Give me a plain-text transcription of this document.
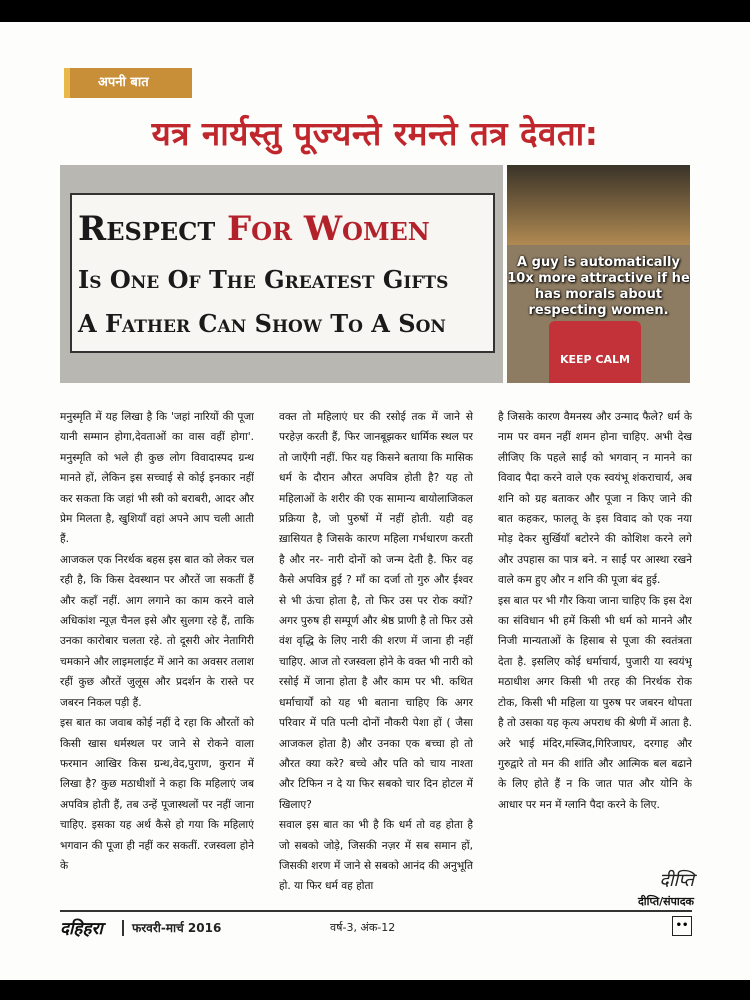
अपनी बात
यत्र नार्यस्तु पूज्यन्ते रमन्ते तत्र देवता:
Respect For Women
Is One Of The Greatest Gifts
A Father Can Show To A Son
A guy is automatically 10x more attractive if he has morals about respecting women.
KEEP CALM

मनुस्मृति में यह लिखा है कि 'जहां नारियों की पूजा यानी सम्मान होगा,देवताओं का वास वहीं होगा'. मनुस्मृति को भले ही कुछ लोग विवादास्पद ग्रन्थ मानते हों, लेकिन इस सच्चाई से कोई इनकार नहीं कर सकता कि जहां भी स्त्री को बराबरी, आदर और प्रेम मिलता है, खुशियाँ वहां अपने आप चली आती हैं.

आजकल एक निरर्थक बहस इस बात को लेकर चल रही है, कि किस देवस्थान पर औरतें जा सकतीं हैं और कहाँ नहीं. आग लगाने का काम करने वाले अधिकांश न्यूज़ चैनल इसे और सुलगा रहे हैं, ताकि उनका कारोबार चलता रहे. तो दूसरी ओर नेतागिरी चमकाने और लाइमलाईट में आने का अवसर तलाश रहीं कुछ औरतें जुलूस और प्रदर्शन के रास्ते पर जबरन निकल पड़ी हैं.

इस बात का जवाब कोई नहीं दे रहा कि औरतों को किसी खास धर्मस्थल पर जाने से रोकने वाला फरमान आखिर किस ग्रन्थ,वेद,पुराण, कुरान में लिखा है? कुछ मठाधीशों ने कहा कि महिलाएं जब अपवित्र होती हैं, तब उन्हें पूजास्थलों पर नहीं जाना चाहिए. इसका यह अर्थ कैसे हो गया कि महिलाएं भगवान की पूजा ही नहीं कर सकतीं. रजस्वला होने के

वक्त तो महिलाएं घर की रसोई तक में जाने से परहेज़ करती हैं, फिर जानबूझकर धार्मिक स्थल पर तो जाएँगी नहीं. फिर यह किसने बताया कि मासिक धर्म के दौरान औरत अपवित्र होती है? यह तो महिलाओं के शरीर की एक सामान्य बायोलाजिकल प्रक्रिया है, जो पुरुषों में नहीं होती. यही वह ख़ासियत है जिसके कारण महिला गर्भधारण करती है और नर- नारी दोनों को जन्म देती है. फिर वह कैसे अपवित्र हुई ? माँ का दर्जा तो गुरु और ईश्वर से भी ऊंचा होता है, तो फिर उस पर रोक क्यों? अगर पुरुष ही सम्पूर्ण और श्रेष्ठ प्राणी है तो फिर उसे वंश वृद्धि के लिए नारी की शरण में जाना ही नहीं चाहिए. आज तो रजस्वला होने के वक्त भी नारी को रसोई में जाना होता है और काम पर भी. कथित धर्माचार्यों को यह भी बताना चाहिए कि अगर परिवार में पति पत्नी दोनों नौकरी पेशा हों ( जैसा आजकल होता है) और उनका एक बच्चा हो तो औरत क्या करे? बच्चे और पति को चाय नाश्ता और टिफिन न दे या फिर सबको चार दिन होटल में खिलाए?

सवाल इस बात का भी है कि धर्म तो वह होता है जो सबको जोड़े, जिसकी नज़र में सब समान हों, जिसकी शरण में जाने से सबको आनंद की अनुभूति हो. या फिर धर्म वह होता

है जिसके कारण वैमनस्य और उन्माद फैले? धर्म के नाम पर वमन नहीं शमन होना चाहिए. अभी देख लीजिए कि पहले साईं को भगवान् न मानने का विवाद पैदा करने वाले एक स्वयंभू शंकराचार्य, अब शनि को ग्रह बताकर और पूजा न किए जाने की बात कहकर, फालतू के इस विवाद को एक नया मोड़ देकर सुर्खियाँ बटोरने की कोशिश करने लगे और उपहास का पात्र बने. न साईं पर आस्था रखने वाले कम हुए और न शनि की पूजा बंद हुई.

इस बात पर भी गौर किया जाना चाहिए कि इस देश का संविधान भी हमें किसी भी धर्म को मानने और निजी मान्यताओं के हिसाब से पूजा की स्वतंत्रता देता है. इसलिए कोई धर्माचार्य, पुजारी या स्वयंभू मठाधीश अगर किसी भी तरह की निरर्थक रोक टोक, किसी भी महिला या पुरुष पर जबरन थोपता है तो उसका यह कृत्य अपराध की श्रेणी में आता है. अरे भाई मंदिर,मस्जिद,गिरिजाघर, दरगाह और गुरुद्वारे तो मन की शांति और आत्मिक बल बढाने के लिए होते हैं न कि जात पात और योनि के आधार पर मन में ग्लानि पैदा करने के लिए.

दीप्ति
दीप्ति/संपादक
दहिहरा फरवरी-मार्च 2016	वर्ष-3, अंक-12	••
